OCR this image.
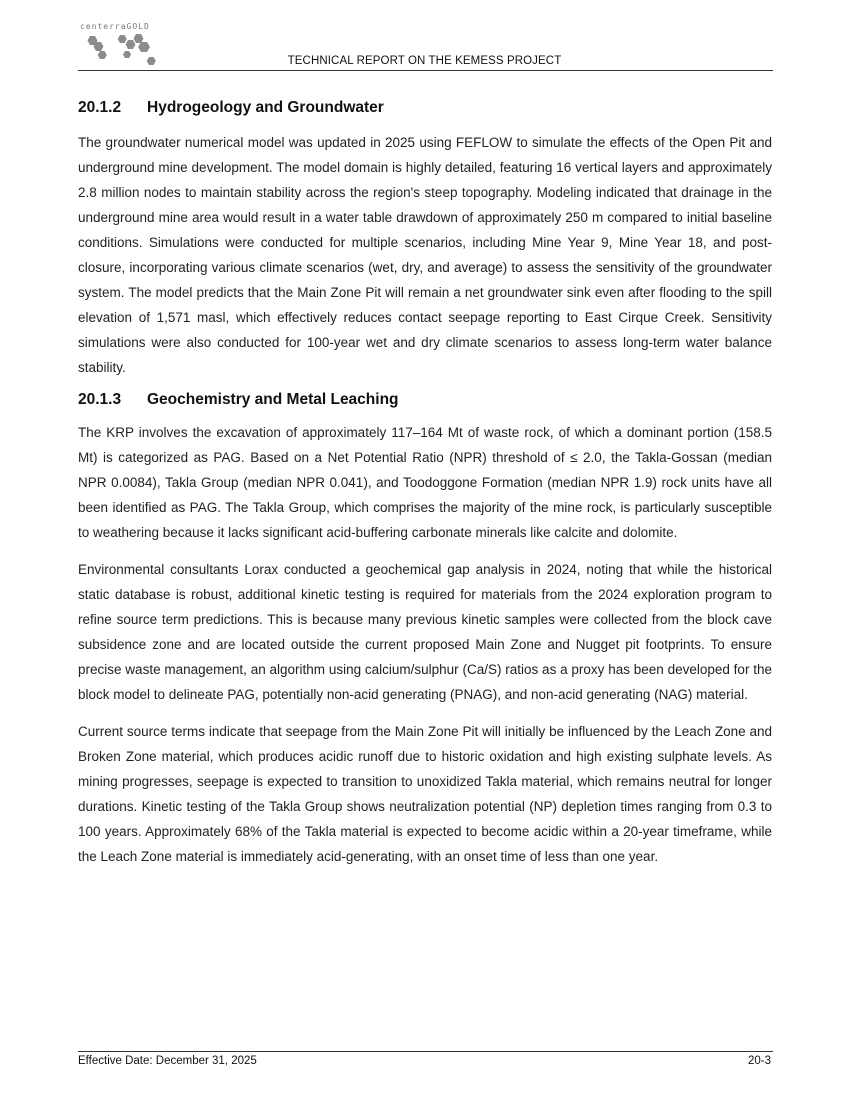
centerraGOLD
TECHNICAL REPORT ON THE KEMESS PROJECT
20.1.2	Hydrogeology and Groundwater

The groundwater numerical model was updated in 2025 using FEFLOW to simulate the effects of the Open Pit and underground mine development. The model domain is highly detailed, featuring 16 vertical layers and approximately 2.8 million nodes to maintain stability across the region's steep topography. Modeling indicated that drainage in the underground mine area would result in a water table drawdown of approximately 250 m compared to initial baseline conditions. Simulations were conducted for multiple scenarios, including Mine Year 9, Mine Year 18, and post-closure, incorporating various climate scenarios (wet, dry, and average) to assess the sensitivity of the groundwater system. The model predicts that the Main Zone Pit will remain a net groundwater sink even after flooding to the spill elevation of 1,571 masl, which effectively reduces contact seepage reporting to East Cirque Creek. Sensitivity simulations were also conducted for 100-year wet and dry climate scenarios to assess long-term water balance stability.

20.1.3	Geochemistry and Metal Leaching

The KRP involves the excavation of approximately 117–164 Mt of waste rock, of which a dominant portion (158.5 Mt) is categorized as PAG. Based on a Net Potential Ratio (NPR) threshold of ≤ 2.0, the Takla-Gossan (median NPR 0.0084), Takla Group (median NPR 0.041), and Toodoggone Formation (median NPR 1.9) rock units have all been identified as PAG. The Takla Group, which comprises the majority of the mine rock, is particularly susceptible to weathering because it lacks significant acid-buffering carbonate minerals like calcite and dolomite.

Environmental consultants Lorax conducted a geochemical gap analysis in 2024, noting that while the historical static database is robust, additional kinetic testing is required for materials from the 2024 exploration program to refine source term predictions. This is because many previous kinetic samples were collected from the block cave subsidence zone and are located outside the current proposed Main Zone and Nugget pit footprints. To ensure precise waste management, an algorithm using calcium/sulphur (Ca/S) ratios as a proxy has been developed for the block model to delineate PAG, potentially non-acid generating (PNAG), and non-acid generating (NAG) material.

Current source terms indicate that seepage from the Main Zone Pit will initially be influenced by the Leach Zone and Broken Zone material, which produces acidic runoff due to historic oxidation and high existing sulphate levels. As mining progresses, seepage is expected to transition to unoxidized Takla material, which remains neutral for longer durations. Kinetic testing of the Takla Group shows neutralization potential (NP) depletion times ranging from 0.3 to 100 years. Approximately 68% of the Takla material is expected to become acidic within a 20-year timeframe, while the Leach Zone material is immediately acid-generating, with an onset time of less than one year.

Effective Date: December 31, 2025	20-3
